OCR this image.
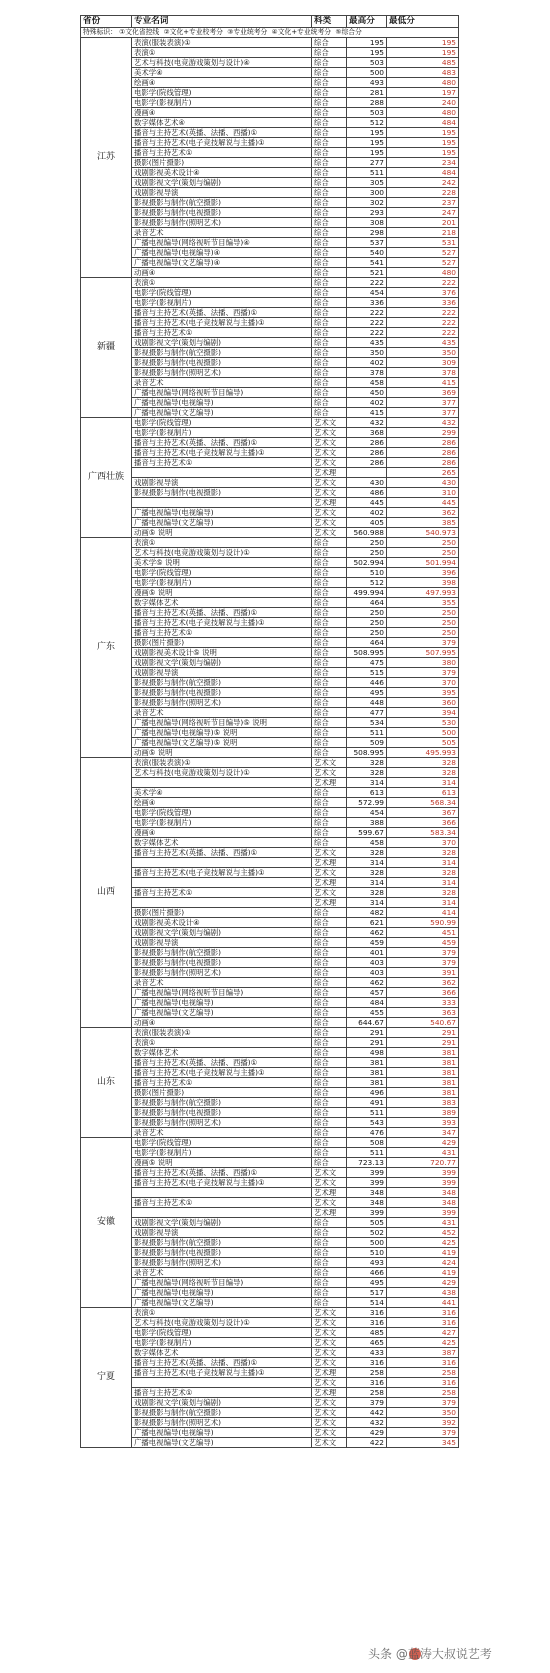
省份	专业名词	科类	最高分	最低分
特殊标识： ①文化省控线 ②文化+专业校考分 ③专业统考分 ④文化+专业统考分 ⑤综合分				
江苏	表演(服装表演)①	综合	195	195
	表演①	综合	195	195
	艺术与科技(电竞游戏策划与设计)④	综合	503	485
	美术学④	综合	500	483
	绘画④	综合	493	480
	电影学(院线管理)	综合	281	197
	电影学(影视制片)	综合	288	240
	漫画④	综合	503	480
	数字媒体艺术④	综合	512	484
	播音与主持艺术(英播、法播、西播)①	综合	195	195
	播音与主持艺术(电子竞技解说与主播)①	综合	195	195
	播音与主持艺术①	综合	195	195
	摄影(图片摄影)	综合	277	234
	戏剧影视美术设计④	综合	511	484
	戏剧影视文学(策划与编剧)	综合	305	242
	戏剧影视导演	综合	300	228
	影视摄影与制作(航空摄影)	综合	302	237
	影视摄影与制作(电视摄影)	综合	293	247
	影视摄影与制作(照明艺术)	综合	308	201
	录音艺术	综合	298	218
	广播电视编导(网络视听节目编导)④	综合	537	531
	广播电视编导(电视编导)④	综合	540	527
	广播电视编导(文艺编导)④	综合	541	527
	动画④	综合	521	480
新疆	表演①	综合	222	222
	电影学(院线管理)	综合	454	376
	电影学(影视制片)	综合	336	336
	播音与主持艺术(英播、法播、西播)①	综合	222	222
	播音与主持艺术(电子竞技解说与主播)①	综合	222	222
	播音与主持艺术①	综合	222	222
	戏剧影视文学(策划与编剧)	综合	435	435
	影视摄影与制作(航空摄影)	综合	350	350
	影视摄影与制作(电视摄影)	综合	402	309
	影视摄影与制作(照明艺术)	综合	378	378
	录音艺术	综合	458	415
	广播电视编导(网络视听节目编导)	综合	450	369
	广播电视编导(电视编导)	综合	402	377
	广播电视编导(文艺编导)	综合	415	377
广西壮族	电影学(院线管理)	艺术文	432	432
	电影学(影视制片)	艺术文	368	299
	播音与主持艺术(英播、法播、西播)①	艺术文	286	286
	播音与主持艺术(电子竞技解说与主播)①	艺术文	286	286
	播音与主持艺术①	艺术文	286	286
		艺术理		265
	戏剧影视导演	艺术文	430	430
	影视摄影与制作(电视摄影)	艺术文	486	310
		艺术理	445	445
	广播电视编导(电视编导)	艺术文	402	362
	广播电视编导(文艺编导)	艺术文	405	385
	动画⑤ 说明	艺术文	560.988	540.973
广东	表演①	综合	250	250
	艺术与科技(电竞游戏策划与设计)①	综合	250	250
	美术学⑤ 说明	综合	502.994	501.994
	电影学(院线管理)	综合	510	396
	电影学(影视制片)	综合	512	398
	漫画⑤ 说明	综合	499.994	497.993
	数字媒体艺术	综合	464	355
	播音与主持艺术(英播、法播、西播)①	综合	250	250
	播音与主持艺术(电子竞技解说与主播)①	综合	250	250
	播音与主持艺术①	综合	250	250
	摄影(图片摄影)	综合	464	379
	戏剧影视美术设计⑤ 说明	综合	508.995	507.995
	戏剧影视文学(策划与编剧)	综合	475	380
	戏剧影视导演	综合	515	379
	影视摄影与制作(航空摄影)	综合	446	370
	影视摄影与制作(电视摄影)	综合	495	395
	影视摄影与制作(照明艺术)	综合	448	360
	录音艺术	综合	477	394
	广播电视编导(网络视听节目编导)⑤ 说明	综合	534	530
	广播电视编导(电视编导)⑤ 说明	综合	511	500
	广播电视编导(文艺编导)⑤ 说明	综合	509	505
	动画⑤ 说明	综合	508.995	495.993
山西	表演(服装表演)①	艺术文	328	328
	艺术与科技(电竞游戏策划与设计)①	艺术文	328	328
		艺术理	314	314
	美术学④	综合	613	613
	绘画④	综合	572.99	568.34
	电影学(院线管理)	综合	454	367
	电影学(影视制片)	综合	388	366
	漫画④	综合	599.67	583.34
	数字媒体艺术	综合	458	370
	播音与主持艺术(英播、法播、西播)①	艺术文	328	328
		艺术理	314	314
	播音与主持艺术(电子竞技解说与主播)①	艺术文	328	328
		艺术理	314	314
	播音与主持艺术①	艺术文	328	328
		艺术理	314	314
	摄影(图片摄影)	综合	482	414
	戏剧影视美术设计④	综合	621	590.99
	戏剧影视文学(策划与编剧)	综合	462	451
	戏剧影视导演	综合	459	459
	影视摄影与制作(航空摄影)	综合	401	379
	影视摄影与制作(电视摄影)	综合	403	379
	影视摄影与制作(照明艺术)	综合	403	391
	录音艺术	综合	462	362
	广播电视编导(网络视听节目编导)	综合	457	366
	广播电视编导(电视编导)	综合	484	333
	广播电视编导(文艺编导)	综合	455	363
	动画④	综合	644.67	540.67
山东	表演(服装表演)①	综合	291	291
	表演①	综合	291	291
	数字媒体艺术	综合	498	381
	播音与主持艺术(英播、法播、西播)①	综合	381	381
	播音与主持艺术(电子竞技解说与主播)①	综合	381	381
	播音与主持艺术①	综合	381	381
	摄影(图片摄影)	综合	496	381
	影视摄影与制作(航空摄影)	综合	491	383
	影视摄影与制作(电视摄影)	综合	511	389
	影视摄影与制作(照明艺术)	综合	543	393
	录音艺术	综合	476	347
安徽	电影学(院线管理)	综合	508	429
	电影学(影视制片)	综合	511	431
	漫画⑤ 说明	综合	723.13	720.77
	播音与主持艺术(英播、法播、西播)①	艺术文	399	399
	播音与主持艺术(电子竞技解说与主播)①	艺术文	399	399
		艺术理	348	348
	播音与主持艺术①	艺术文	348	348
		艺术理	399	399
	戏剧影视文学(策划与编剧)	综合	505	431
	戏剧影视导演	综合	502	452
	影视摄影与制作(航空摄影)	综合	500	425
	影视摄影与制作(电视摄影)	综合	510	419
	影视摄影与制作(照明艺术)	综合	493	424
	录音艺术	综合	466	419
	广播电视编导(网络视听节目编导)	综合	495	429
	广播电视编导(电视编导)	综合	517	438
	广播电视编导(文艺编导)	综合	514	441
宁夏	表演①	艺术文	316	316
	艺术与科技(电竞游戏策划与设计)①	艺术文	316	316
	电影学(院线管理)	艺术文	485	427
	电影学(影视制片)	艺术文	465	425
	数字媒体艺术	艺术文	433	387
	播音与主持艺术(英播、法播、西播)①	艺术文	316	316
	播音与主持艺术(电子竞技解说与主播)①	艺术理	258	258
		艺术文	316	316
	播音与主持艺术①	艺术理	258	258
	戏剧影视文学(策划与编剧)	艺术文	379	379
	影视摄影与制作(航空摄影)	艺术文	442	350
	影视摄影与制作(照明艺术)	艺术文	432	392
	广播电视编导(电视编导)	艺术文	429	379
	广播电视编导(文艺编导)	艺术文	422	345
头条 @蓝涛大叔说艺考
